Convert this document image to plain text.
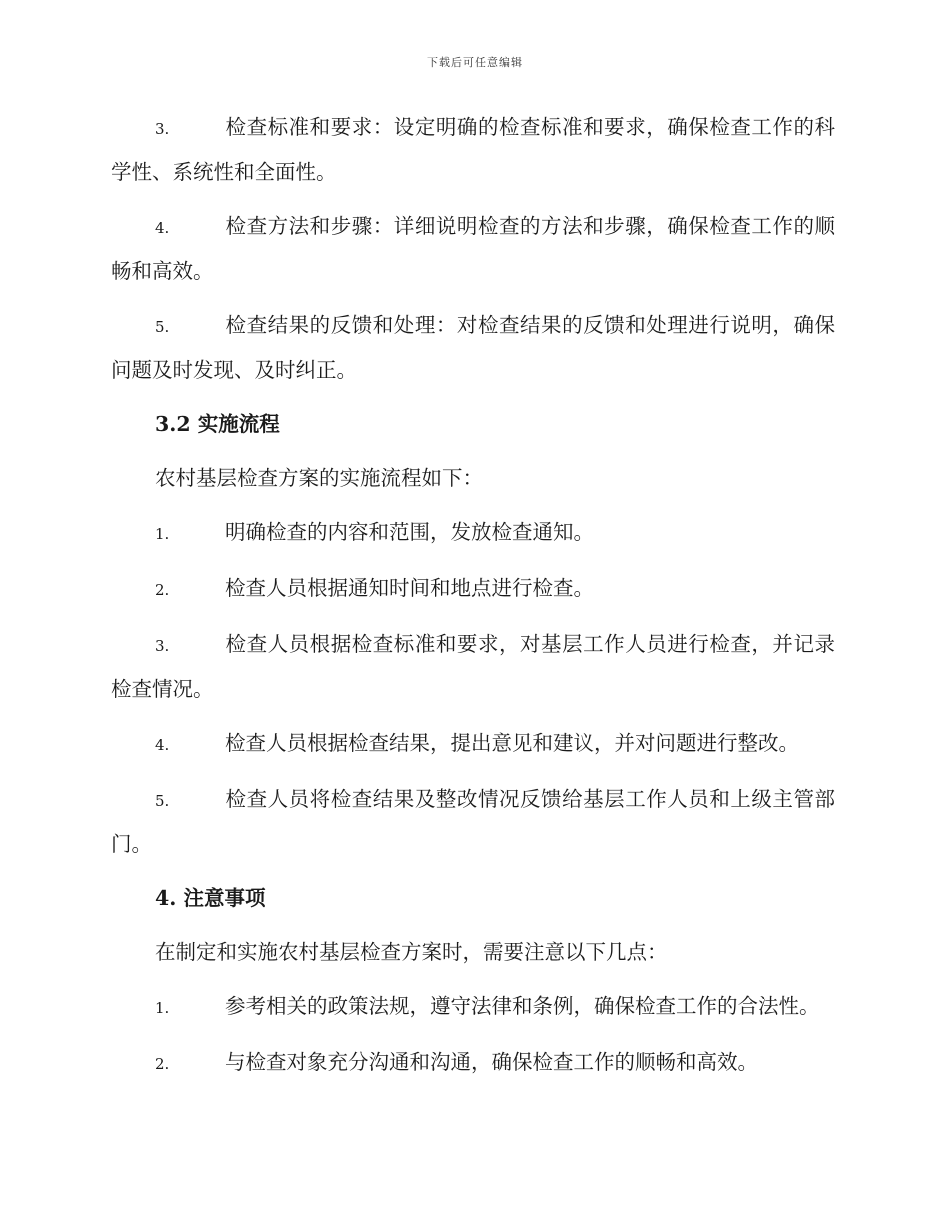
下载后可任意编辑
3.	检查标准和要求：设定明确的检查标准和要求，确保检查工作的科学性、系统性和全面性。
4.	检查方法和步骤：详细说明检查的方法和步骤，确保检查工作的顺畅和高效。
5.	检查结果的反馈和处理：对检查结果的反馈和处理进行说明，确保问题及时发现、及时纠正。
3.2 实施流程
农村基层检查方案的实施流程如下：
1.	明确检查的内容和范围，发放检查通知。
2.	检查人员根据通知时间和地点进行检查。
3.	检查人员根据检查标准和要求，对基层工作人员进行检查，并记录检查情况。
4.	检查人员根据检查结果，提出意见和建议，并对问题进行整改。
5.	检查人员将检查结果及整改情况反馈给基层工作人员和上级主管部门。
4. 注意事项
在制定和实施农村基层检查方案时，需要注意以下几点：
1.	参考相关的政策法规，遵守法律和条例，确保检查工作的合法性。
2.	与检查对象充分沟通和沟通，确保检查工作的顺畅和高效。
